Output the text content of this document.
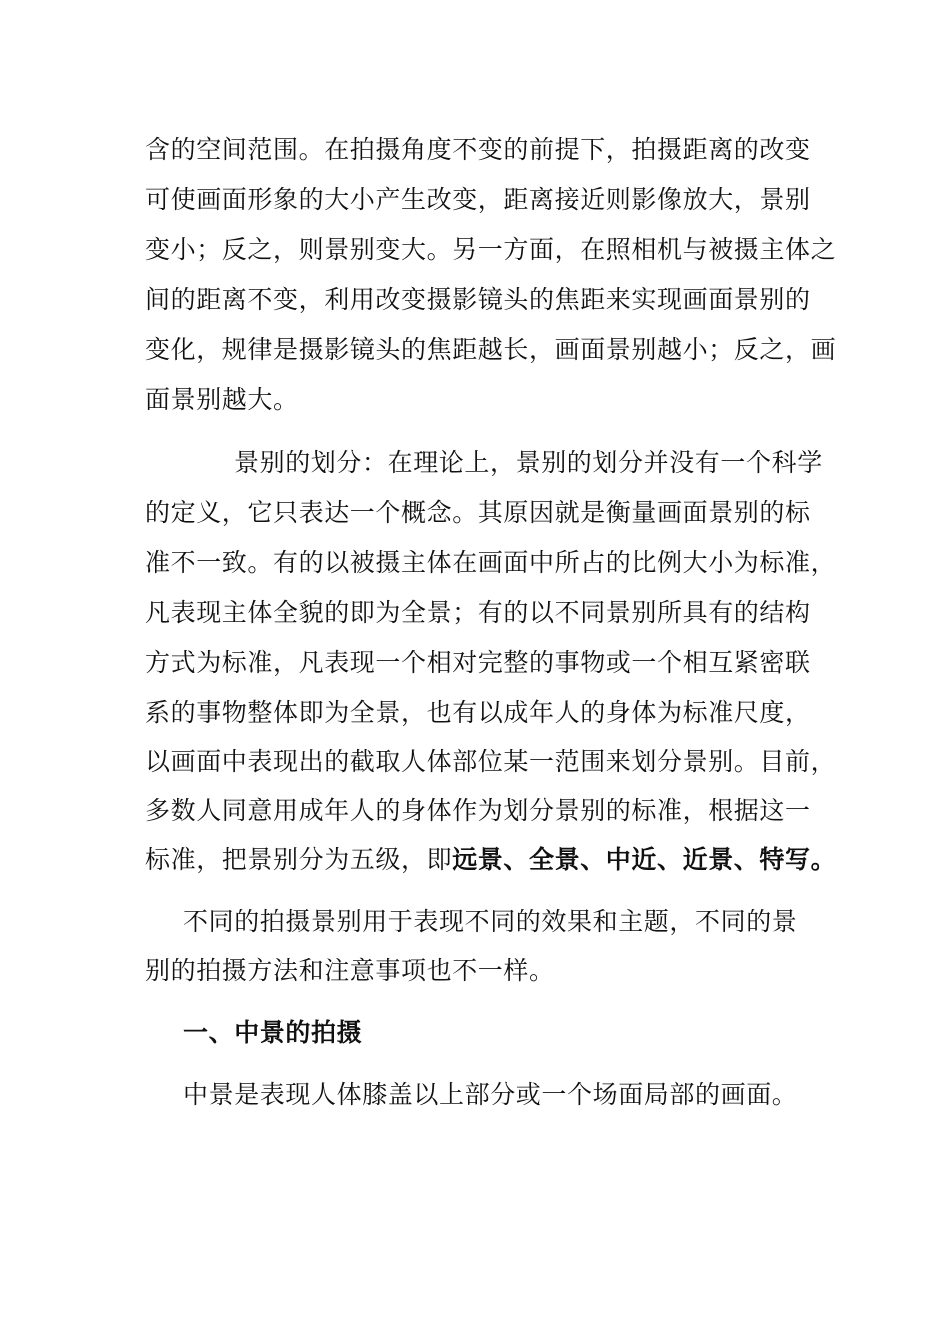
含的空间范围。在拍摄角度不变的前提下，拍摄距离的改变
可使画面形象的大小产生改变，距离接近则影像放大，景别
变小；反之，则景别变大。另一方面，在照相机与被摄主体之
间的距离不变，利用改变摄影镜头的焦距来实现画面景别的
变化，规律是摄影镜头的焦距越长，画面景别越小；反之，画
面景别越大。
景别的划分：在理论上，景别的划分并没有一个科学
的定义，它只表达一个概念。其原因就是衡量画面景别的标
准不一致。有的以被摄主体在画面中所占的比例大小为标准，
凡表现主体全貌的即为全景；有的以不同景别所具有的结构
方式为标准，凡表现一个相对完整的事物或一个相互紧密联
系的事物整体即为全景，也有以成年人的身体为标准尺度，
以画面中表现出的截取人体部位某一范围来划分景别。目前，
多数人同意用成年人的身体作为划分景别的标准，根据这一
标准，把景别分为五级，即远景、全景、中近、近景、特写。
不同的拍摄景别用于表现不同的效果和主题，不同的景
别的拍摄方法和注意事项也不一样。
一、中景的拍摄
中景是表现人体膝盖以上部分或一个场面局部的画面。
